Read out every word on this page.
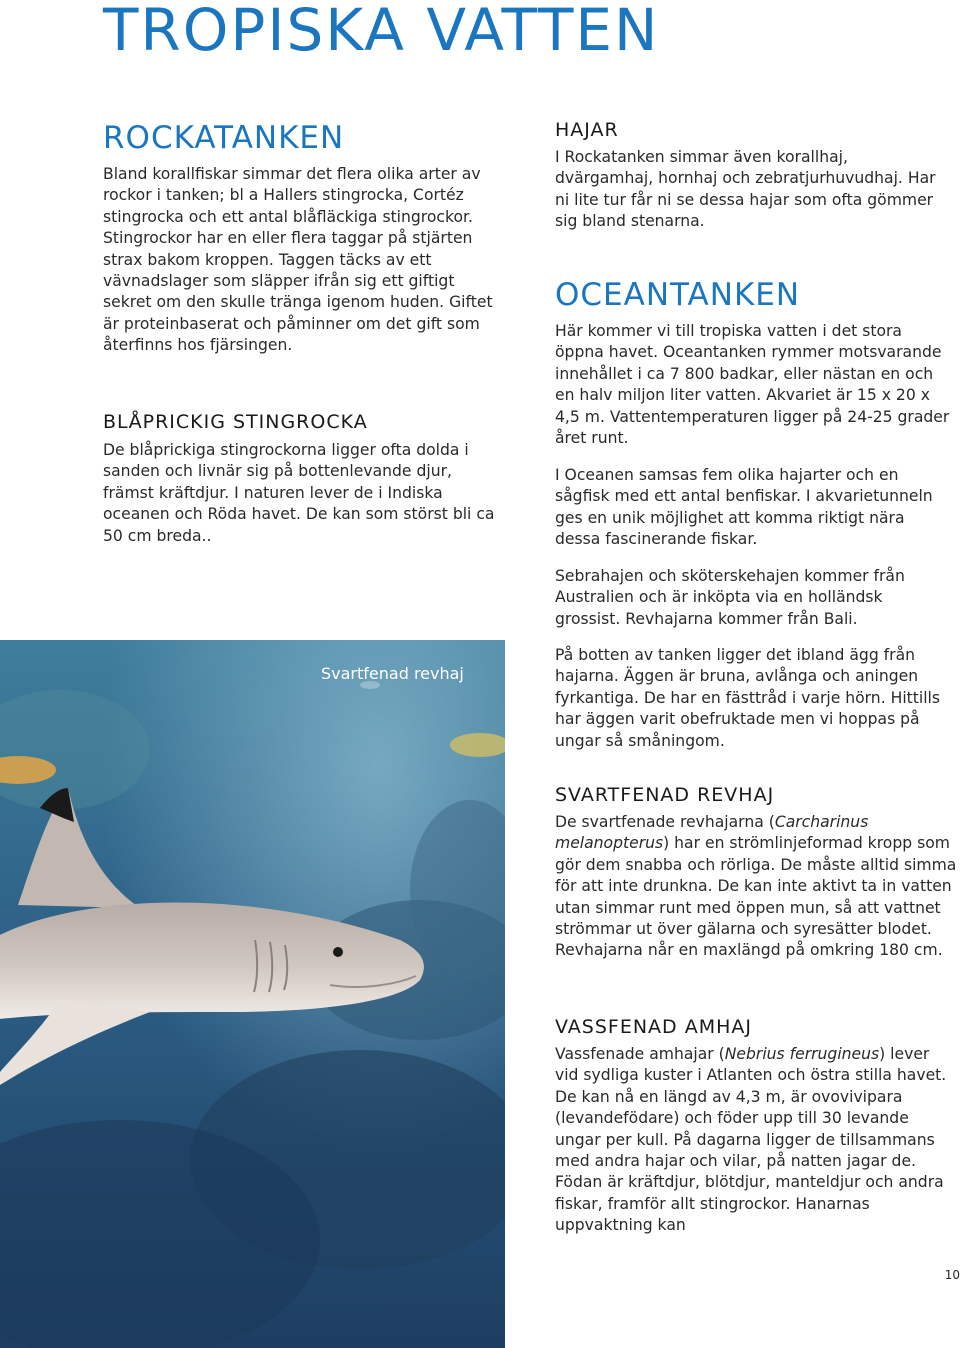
TROPISKA VATTEN
ROCKATANKEN

Bland korallfiskar simmar det flera olika arter av rockor i tanken; bl a Hallers stingrocka, Cortéz stingrocka och ett antal blåfläckiga stingrockor. Stingrockor har en eller flera taggar på stjärten strax bakom kroppen. Taggen täcks av ett vävnadslager som släpper ifrån sig ett giftigt sekret om den skulle tränga igenom huden. Giftet är proteinbaserat och påminner om det gift som återfinns hos fjärsingen.

BLÅPRICKIG STINGROCKA

De blåprickiga stingrockorna ligger ofta dolda i sanden och livnär sig på bottenlevande djur, främst kräftdjur. I naturen lever de i Indiska oceanen och Röda havet. De kan som störst bli ca 50 cm breda..

Svartfenad revhaj
HAJAR

I Rockatanken simmar även korallhaj, dvärgamhaj, hornhaj och zebratjurhuvudhaj. Har ni lite tur får ni se dessa hajar som ofta gömmer sig bland stenarna.

OCEANTANKEN

Här kommer vi till tropiska vatten i det stora öppna havet. Oceantanken rymmer motsvarande innehållet i ca 7 800 badkar, eller nästan en och en halv miljon liter vatten. Akvariet är 15 x 20 x 4,5 m. Vattentemperaturen ligger på 24-25 grader året runt.

I Oceanen samsas fem olika hajarter och en sågfisk med ett antal benfiskar. I akvarietunneln ges en unik möjlighet att komma riktigt nära dessa fascinerande fiskar.

Sebrahajen och sköterskehajen kommer från Australien och är inköpta via en holländsk grossist. Revhajarna kommer från Bali.

På botten av tanken ligger det ibland ägg från hajarna. Äggen är bruna, avlånga och aningen fyrkantiga. De har en fästtråd i varje hörn. Hittills har äggen varit obefruktade men vi hoppas på ungar så småningom.

SVARTFENAD REVHAJ

De svartfenade revhajarna (Carcharinus melanopterus) har en strömlinjeformad kropp som gör dem snabba och rörliga. De måste alltid simma för att inte drunkna. De kan inte aktivt ta in vatten utan simmar runt med öppen mun, så att vattnet strömmar ut över gälarna och syresätter blodet. Revhajarna når en maxlängd på omkring 180 cm.

VASSFENAD AMHAJ

Vassfenade amhajar (Nebrius ferrugineus) lever vid sydliga kuster i Atlanten och östra stilla havet. De kan nå en längd av 4,3 m, är ovovivipara (levandefödare) och föder upp till 30 levande ungar per kull. På dagarna ligger de tillsammans med andra hajar och vilar, på natten jagar de. Födan är kräftdjur, blötdjur, manteldjur och andra fiskar, framför allt stingrockor. Hanarnas uppvaktning kan

10
